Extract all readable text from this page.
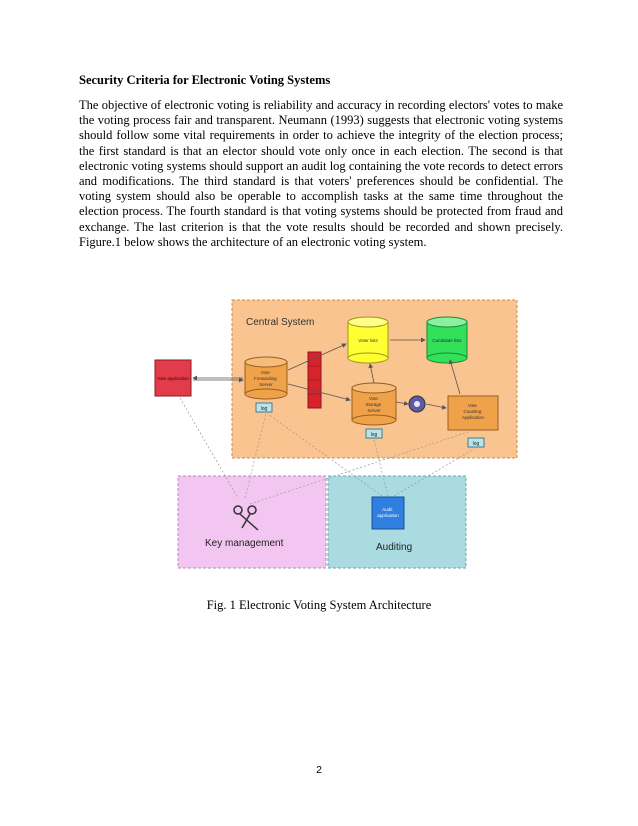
Security Criteria for Electronic Voting Systems

The objective of electronic voting is reliability and accuracy in recording electors' votes to make the voting process fair and transparent. Neumann (1993) suggests that electronic voting systems should follow some vital requirements in order to achieve the integrity of the election process; the first standard is that an elector should vote only once in each election. The second is that electronic voting systems should support an audit log containing the vote records to detect errors and modifications. The third standard is that voters' preferences should be confidential. The voting system should also be operable to accomplish tasks at the same time throughout the election process. The fourth standard is that voting systems should be protected from fraud and exchange. The last criterion is that the vote results should be recorded and shown precisely. Figure.1 below shows the architecture of an electronic voting system.

Central System
Key management	Auditing
Audit application
Vote application
Vote Forwarding Server
log
Voter lists	Candidate lists
Vote Storage Server
log
Vote Counting Application
log
Fig. 1 Electronic Voting System Architecture
2
